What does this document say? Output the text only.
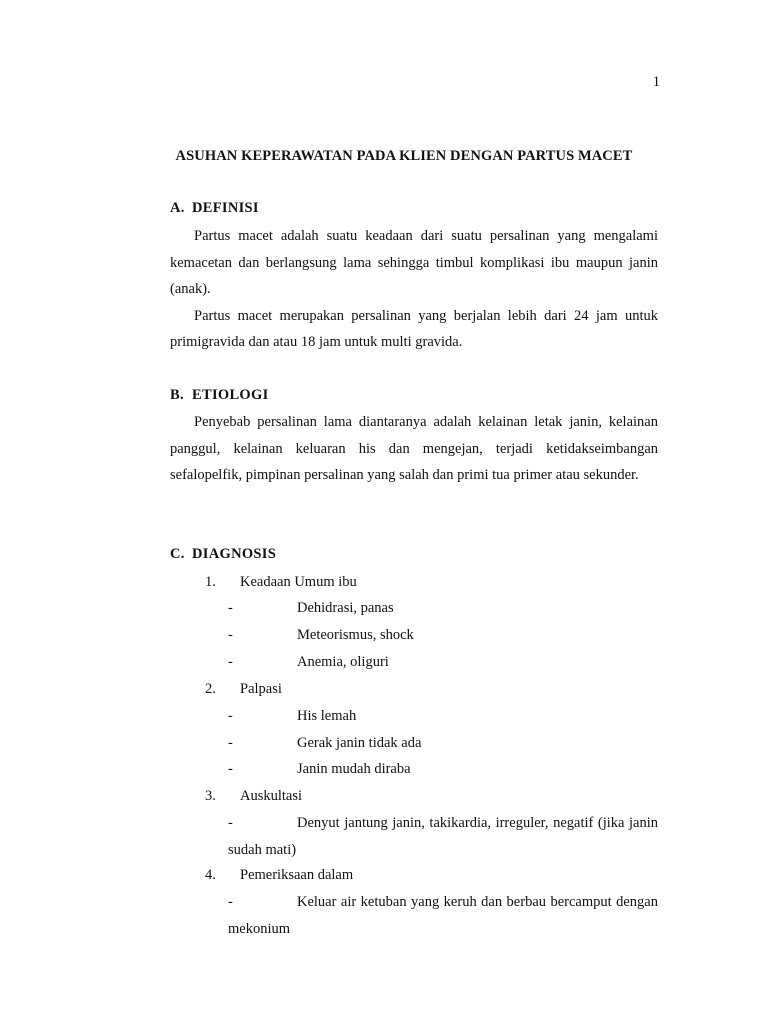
1
ASUHAN KEPERAWATAN PADA KLIEN DENGAN PARTUS MACET
A. DEFINISI

Partus macet adalah suatu keadaan dari suatu persalinan yang mengalami kemacetan dan berlangsung lama sehingga timbul komplikasi ibu maupun janin (anak).

Partus macet merupakan persalinan yang berjalan lebih dari 24 jam untuk primigravida dan atau 18 jam untuk multi gravida.

B. ETIOLOGI

Penyebab persalinan lama diantaranya adalah kelainan letak janin, kelainan panggul, kelainan keluaran his dan mengejan, terjadi ketidakseimbangan sefalopelfik, pimpinan persalinan yang salah dan primi tua primer atau sekunder.

C. DIAGNOSIS
1. Keadaan Umum ibu
-	Dehidrasi, panas
-	Meteorismus, shock
-	Anemia, oliguri
2. Palpasi
-	His lemah
-	Gerak janin tidak ada
-	Janin mudah diraba
3. Auskultasi
-	Denyut jantung janin, takikardia, irreguler, negatif (jika janin sudah mati)
4. Pemeriksaan dalam
-	Keluar air ketuban yang keruh dan berbau bercamput dengan mekonium
